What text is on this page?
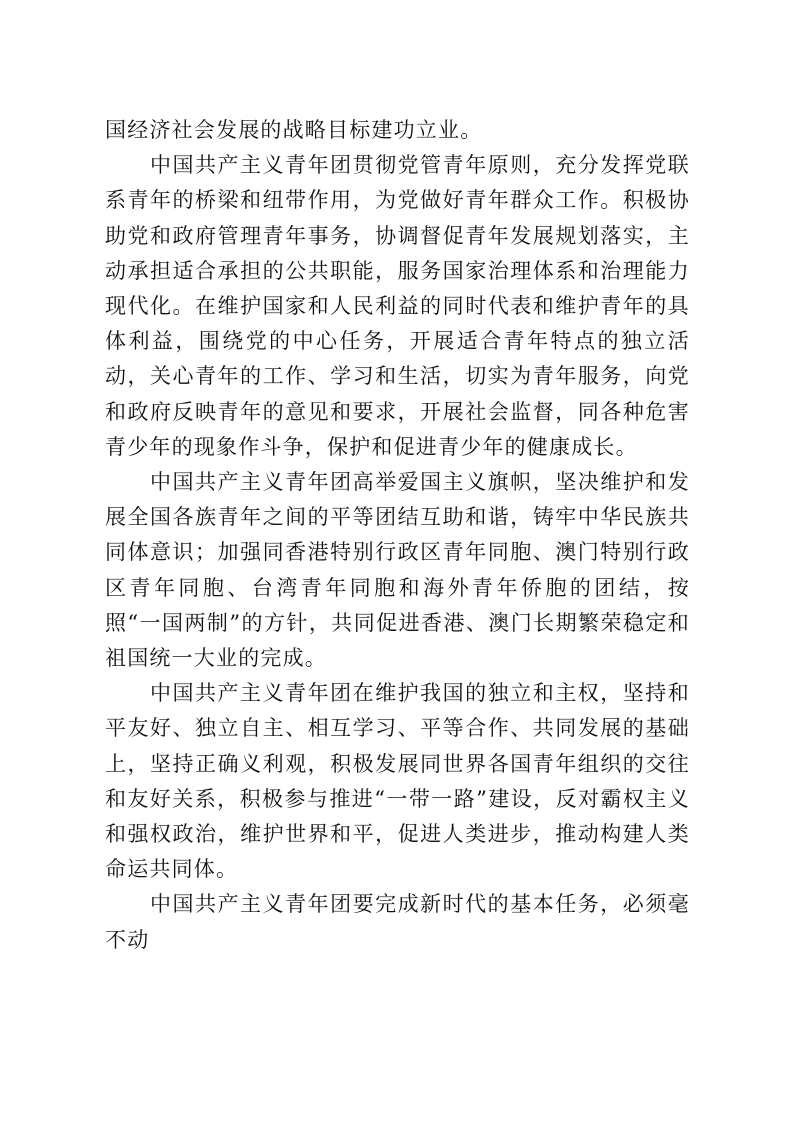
国经济社会发展的战略目标建功立业。

中国共产主义青年团贯彻党管青年原则，充分发挥党联系青年的桥梁和纽带作用，为党做好青年群众工作。积极协助党和政府管理青年事务，协调督促青年发展规划落实，主动承担适合承担的公共职能，服务国家治理体系和治理能力现代化。在维护国家和人民利益的同时代表和维护青年的具体利益，围绕党的中心任务，开展适合青年特点的独立活动，关心青年的工作、学习和生活，切实为青年服务，向党和政府反映青年的意见和要求，开展社会监督，同各种危害青少年的现象作斗争，保护和促进青少年的健康成长。

中国共产主义青年团高举爱国主义旗帜，坚决维护和发展全国各族青年之间的平等团结互助和谐，铸牢中华民族共同体意识；加强同香港特别行政区青年同胞、澳门特别行政区青年同胞、台湾青年同胞和海外青年侨胞的团结，按照“一国两制”的方针，共同促进香港、澳门长期繁荣稳定和祖国统一大业的完成。

中国共产主义青年团在维护我国的独立和主权，坚持和平友好、独立自主、相互学习、平等合作、共同发展的基础上，坚持正确义利观，积极发展同世界各国青年组织的交往和友好关系，积极参与推进“一带一路”建设，反对霸权主义和强权政治，维护世界和平，促进人类进步，推动构建人类命运共同体。

中国共产主义青年团要完成新时代的基本任务，必须毫不动
